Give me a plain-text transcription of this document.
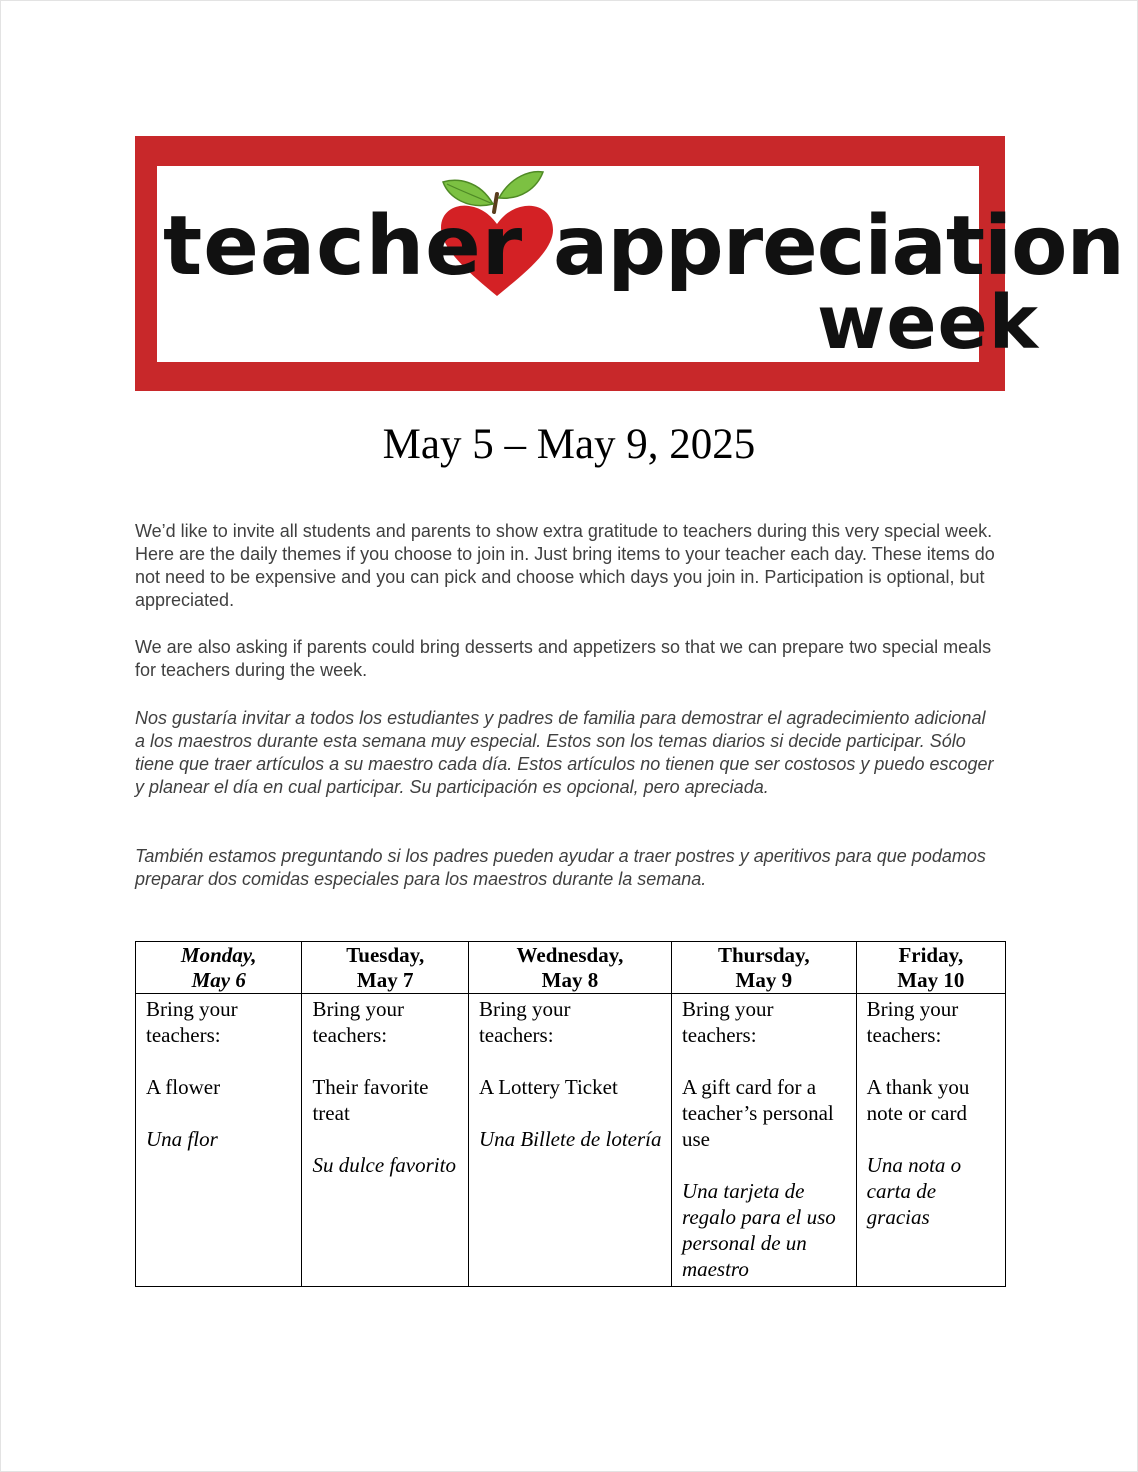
teacher appreciation
week
May 5 – May 9, 2025

We’d like to invite all students and parents to show extra gratitude to teachers during this very special week. Here are the daily themes if you choose to join in. Just bring items to your teacher each day. These items do not need to be expensive and you can pick and choose which days you join in. Participation is optional, but appreciated.

We are also asking if parents could bring desserts and appetizers so that we can prepare two special meals for teachers during the week.

Nos gustaría invitar a todos los estudiantes y padres de familia para demostrar el agradecimiento adicional a los maestros durante esta semana muy especial. Estos son los temas diarios si decide participar. Sólo tiene que traer artículos a su maestro cada día. Estos artículos no tienen que ser costosos y puedo escoger y planear el día en cual participar. Su participación es opcional, pero apreciada.

También estamos preguntando si los padres pueden ayudar a traer postres y aperitivos para que podamos preparar dos comidas especiales para los maestros durante la semana.

Monday,
May 6	Tuesday,
May 7	Wednesday,
May 8	Thursday,
May 9	Friday,
May 10

Bring your
teachers:
A flower
Una flor	Bring your
teachers:
Their favorite treat
Su dulce favorito	Bring your
teachers:
A Lottery Ticket
Una Billete de lotería	Bring your
teachers:
A gift card for a teacher’s personal use
Una tarjeta de regalo para el uso personal de un maestro	Bring your
teachers:
A thank you note or card
Una nota o carta de gracias
